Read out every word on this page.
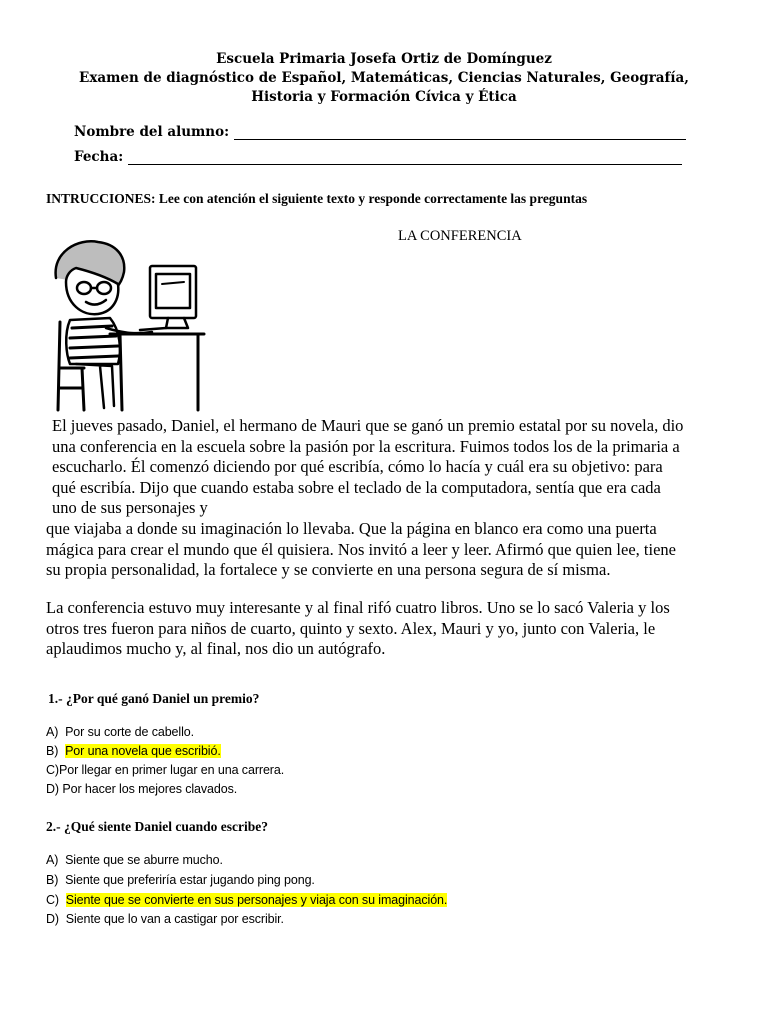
Escuela Primaria Josefa Ortiz de Domínguez
Examen de diagnóstico de Español, Matemáticas, Ciencias Naturales, Geografía,
Historia y Formación Cívica y Ética
Nombre del alumno:
Fecha:
INTRUCCIONES: Lee con atención el siguiente texto y responde correctamente las preguntas
LA CONFERENCIA
El jueves pasado, Daniel, el hermano de Mauri que se ganó un premio estatal por su novela, dio
una conferencia en la escuela sobre la pasión por la escritura. Fuimos todos los de la primaria a
escucharlo. Él comenzó diciendo por qué escribía, cómo lo hacía y cuál era su objetivo: para
qué escribía. Dijo que cuando estaba sobre el teclado de la computadora, sentía que era cada
uno de sus personajes y
que viajaba a donde su imaginación lo llevaba. Que la página en blanco era como una puerta
mágica para crear el mundo que él quisiera. Nos invitó a leer y leer. Afirmó que quien lee, tiene
su propia personalidad, la fortalece y se convierte en una persona segura de sí misma.
La conferencia estuvo muy interesante y al final rifó cuatro libros. Uno se lo sacó Valeria y los
otros tres fueron para niños de cuarto, quinto y sexto. Alex, Mauri y yo, junto con Valeria, le
aplaudimos mucho y, al final, nos dio un autógrafo.
1.- ¿Por qué ganó Daniel un premio?
A) Por su corte de cabello.
B) Por una novela que escribió.
C)Por llegar en primer lugar en una carrera.
D) Por hacer los mejores clavados.
2.- ¿Qué siente Daniel cuando escribe?
A) Siente que se aburre mucho.
B) Siente que preferiría estar jugando ping pong.
C) Siente que se convierte en sus personajes y viaja con su imaginación.
D) Siente que lo van a castigar por escribir.
